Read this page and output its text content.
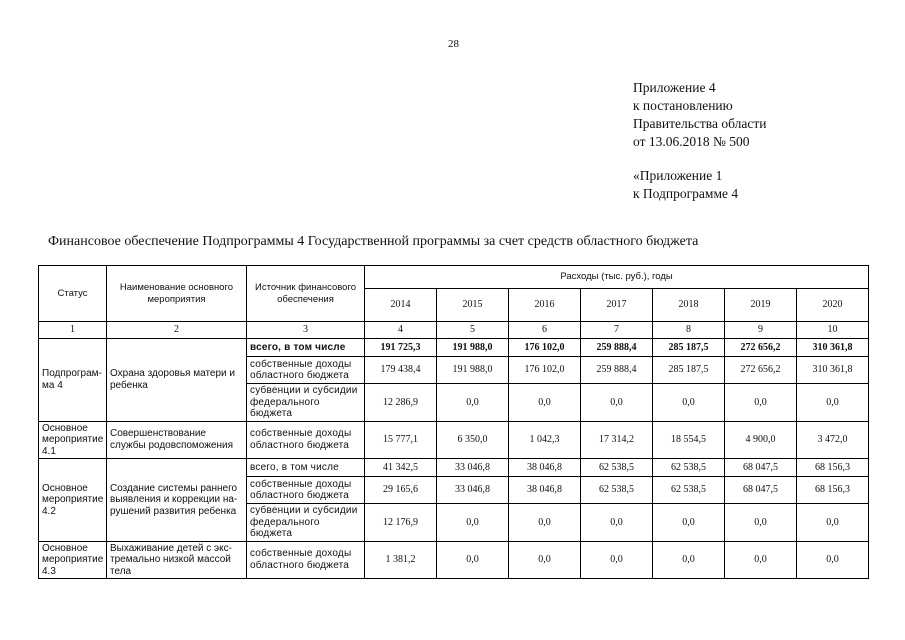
28
Приложение 4
к постановлению
Правительства области
от 13.06.2018 № 500
«Приложение 1
к Подпрограмме 4
Финансовое обеспечение Подпрограммы 4 Государственной программы за счет средств областного бюджета
Статус	Наименование основного мероприятия	Источник финансового обеспечения	Расходы (тыс. руб.), годы						
			2014	2015	2016	2017	2018	2019	2020
1	2	3	4	5	6	7	8	9	10
Подпрограм-ма 4	Охрана здоровья матери и ребенка	всего, в том числе	191 725,3	191 988,0	176 102,0	259 888,4	285 187,5	272 656,2	310 361,8
		собственные доходы областного бюджета	179 438,4	191 988,0	176 102,0	259 888,4	285 187,5	272 656,2	310 361,8
		субвенции и субсидии федерального бюджета	12 286,9	0,0	0,0	0,0	0,0	0,0	0,0
Основное мероприятие 4.1	Совершенствование службы родовспоможения	собственные доходы областного бюджета	15 777,1	6 350,0	1 042,3	17 314,2	18 554,5	4 900,0	3 472,0
Основное мероприятие 4.2	Создание системы раннего выявления и коррекции на-рушений развития ребенка	всего, в том числе	41 342,5	33 046,8	38 046,8	62 538,5	62 538,5	68 047,5	68 156,3
		собственные доходы областного бюджета	29 165,6	33 046,8	38 046,8	62 538,5	62 538,5	68 047,5	68 156,3
		субвенции и субсидии федерального бюджета	12 176,9	0,0	0,0	0,0	0,0	0,0	0,0
Основное мероприятие 4.3	Выхаживание детей с экс-тремально низкой массой тела	собственные доходы областного бюджета	1 381,2	0,0	0,0	0,0	0,0	0,0	0,0
